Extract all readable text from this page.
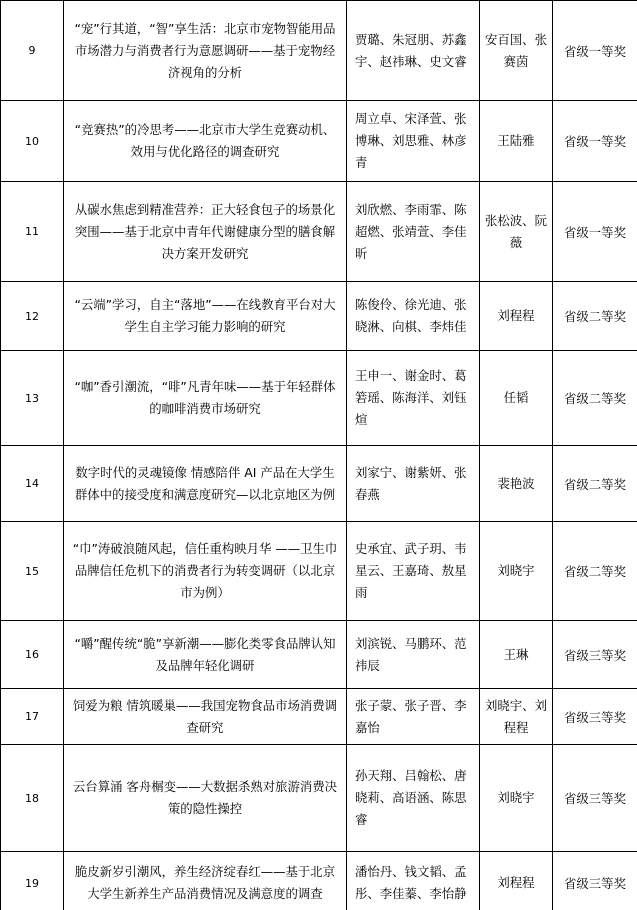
9	“宠”行其道，“智”享生活：北京市宠物智能用品市场潜力与消费者行为意愿调研——基于宠物经济视角的分析	贾璐、朱冠朋、苏鑫宇、赵祎琳、史文睿	安百国、张赛茵	省级一等奖
10	“竞赛热”的冷思考——北京市大学生竞赛动机、效用与优化路径的调查研究	周立卓、宋泽萱、张博琳、刘思雅、林彦青	王陆雅	省级一等奖
11	从碳水焦虑到精准营养：正大轻食包子的场景化突围——基于北京中青年代谢健康分型的膳食解决方案开发研究	刘欣燃、李雨霏、陈超燃、张靖萱、李佳昕	张松波、阮薇	省级一等奖
12	“云端”学习，自主“落地”——在线教育平台对大学生自主学习能力影响的研究	陈俊伶、徐光迪、张晓淋、向棋、李炜佳	刘程程	省级二等奖
13	“咖”香引潮流，“啡”凡青年味——基于年轻群体的咖啡消费市场研究	王申一、谢金时、葛箬瑶、陈海洋、刘钰煊	任韬	省级二等奖
14	数字时代的灵魂镜像 情感陪伴 AI 产品在大学生群体中的接受度和满意度研究—以北京地区为例	刘家宁、谢紫妍、张春燕	裴艳波	省级二等奖
15	“巾”涛破浪随风起，信任重构映月华 ——卫生巾品牌信任危机下的消费者行为转变调研（以北京市为例）	史承宜、武子玥、韦星云、王嘉琦、敖星雨	刘晓宇	省级二等奖
16	“嚼”醒传统“脆”享新潮——膨化类零食品牌认知及品牌年轻化调研	刘滨锐、马鹏环、范祎辰	王琳	省级三等奖
17	饲爱为粮 情筑暖巢——我国宠物食品市场消费调查研究	张子蒙、张子晋、李嘉怡	刘晓宇、刘程程	省级三等奖
18	云台算涌 客舟榍变——大数据杀熟对旅游消费决策的隐性操控	孙天翔、吕翰松、唐晓莉、高语涵、陈思睿	刘晓宇	省级三等奖
19	脆皮新岁引潮风，养生经济绽春红——基于北京大学生新养生产品消费情况及满意度的调查	潘怡丹、钱文韬、孟彤、李佳蓁、李怡静	刘程程	省级三等奖
